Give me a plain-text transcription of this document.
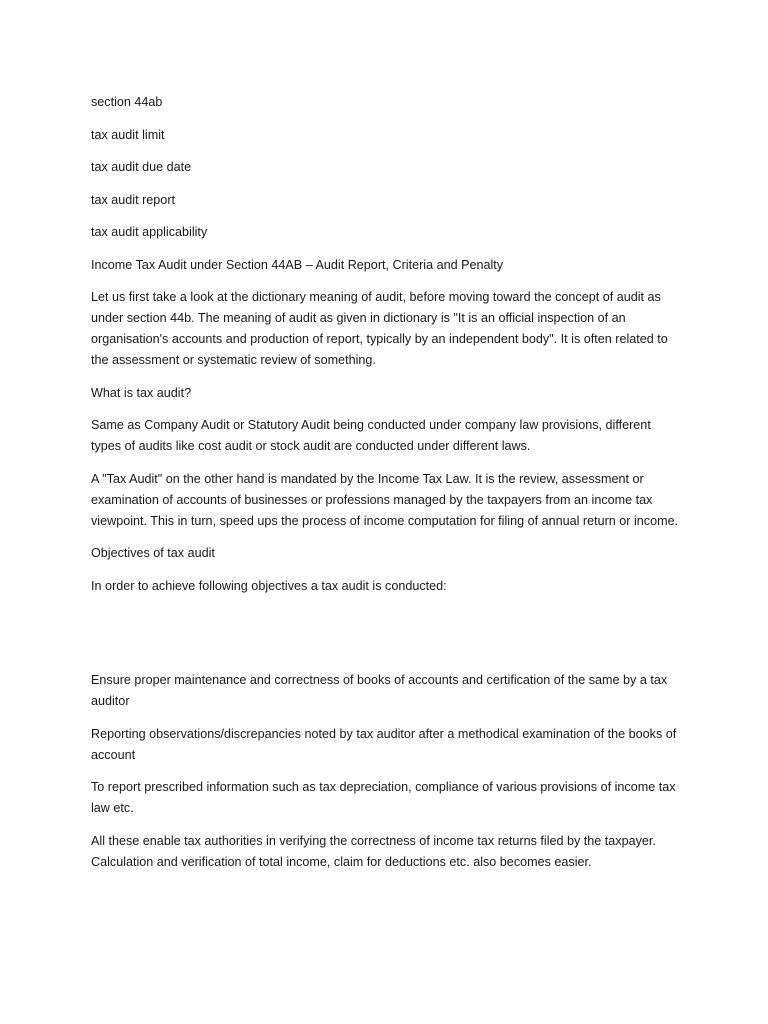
section 44ab

tax audit limit

tax audit due date

tax audit report

tax audit applicability

Income Tax Audit under Section 44AB – Audit Report, Criteria and Penalty

Let us first take a look at the dictionary meaning of audit, before moving toward the concept of audit as under section 44b. The meaning of audit as given in dictionary is "It is an official inspection of an organisation's accounts and production of report, typically by an independent body". It is often related to the assessment or systematic review of something.

What is tax audit?

Same as Company Audit or Statutory Audit being conducted under company law provisions, different types of audits like cost audit or stock audit are conducted under different laws.

A "Tax Audit" on the other hand is mandated by the Income Tax Law. It is the review, assessment or examination of accounts of businesses or professions managed by the taxpayers from an income tax viewpoint. This in turn, speed ups the process of income computation for filing of annual return or income.

Objectives of tax audit

In order to achieve following objectives a tax audit is conducted:

Ensure proper maintenance and correctness of books of accounts and certification of the same by a tax auditor

Reporting observations/discrepancies noted by tax auditor after a methodical examination of the books of account

To report prescribed information such as tax depreciation, compliance of various provisions of income tax law etc.

All these enable tax authorities in verifying the correctness of income tax returns filed by the taxpayer. Calculation and verification of total income, claim for deductions etc. also becomes easier.
